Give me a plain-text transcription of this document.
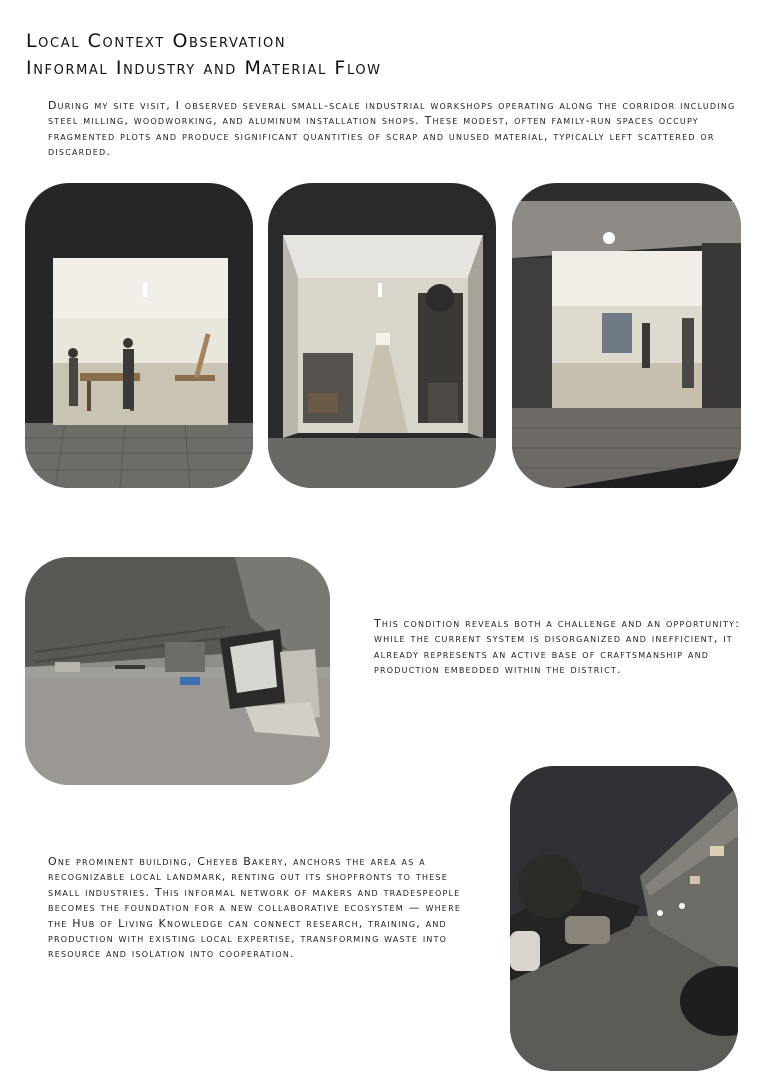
Local Context Observation
Informal Industry and Material Flow

During my site visit, I observed several small-scale industrial workshops operating along the corridor including steel milling, woodworking, and aluminum installation shops. These modest, often family-run spaces occupy fragmented plots and produce significant quantities of scrap and unused material, typically left scattered or discarded.

This condition reveals both a challenge and an opportunity: while the current system is disorganized and inefficient, it already represents an active base of craftsmanship and production embedded within the district.

One prominent building, Cheyeb Bakery, anchors the area as a recognizable local landmark, renting out its shopfronts to these small industries. This informal network of makers and tradespeople becomes the foundation for a new collaborative ecosystem — where the Hub of Living Knowledge can connect research, training, and production with existing local expertise, transforming waste into resource and isolation into cooperation.
